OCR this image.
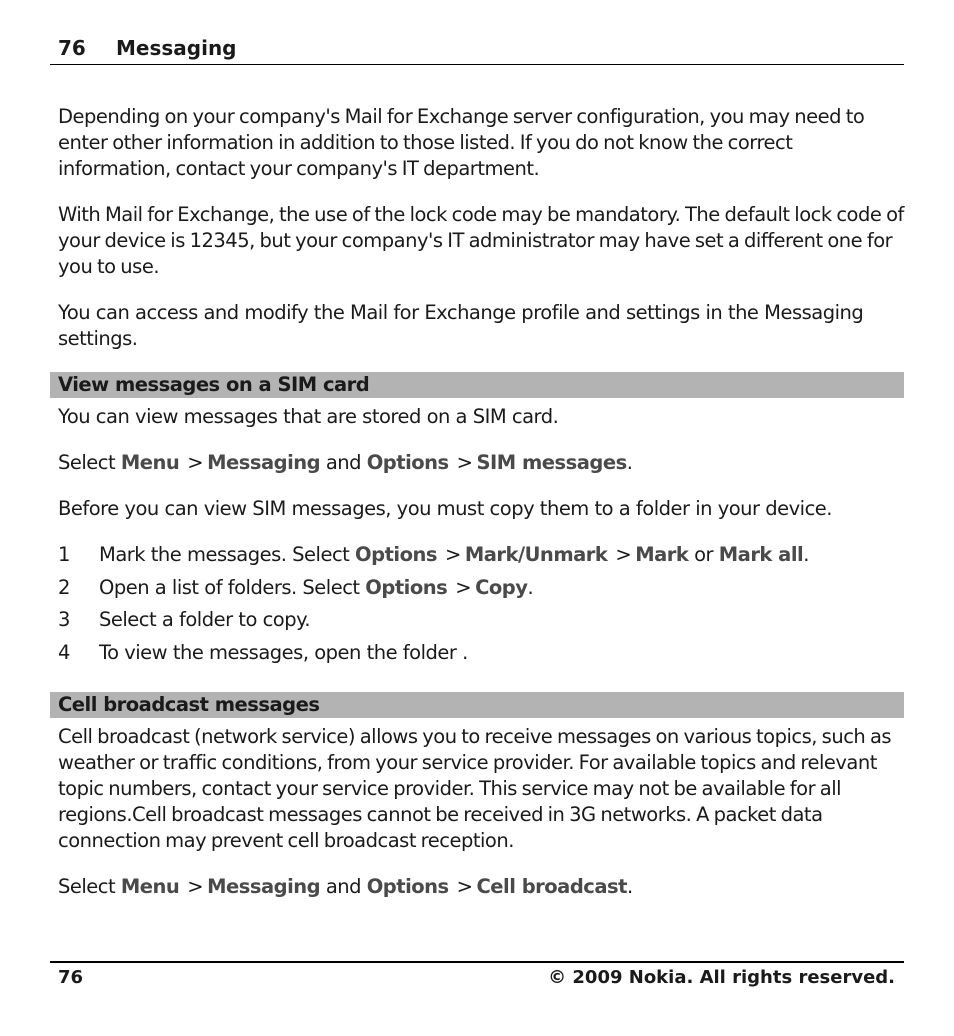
76 Messaging

Depending on your company's Mail for Exchange server configuration, you may need to enter other information in addition to those listed. If you do not know the correct information, contact your company's IT department.

With Mail for Exchange, the use of the lock code may be mandatory. The default lock code of your device is 12345, but your company's IT administrator may have set a different one for you to use.

You can access and modify the Mail for Exchange profile and settings in the Messaging settings.

View messages on a SIM card

You can view messages that are stored on a SIM card.

Select Menu > Messaging and Options > SIM messages.

Before you can view SIM messages, you must copy them to a folder in your device.

1 Mark the messages. Select Options > Mark/Unmark > Mark or Mark all.
2 Open a list of folders. Select Options > Copy.
3 Select a folder to copy.
4 To view the messages, open the folder .
Cell broadcast messages

Cell broadcast (network service) allows you to receive messages on various topics, such as weather or traffic conditions, from your service provider. For available topics and relevant topic numbers, contact your service provider. This service may not be available for all regions.Cell broadcast messages cannot be received in 3G networks. A packet data connection may prevent cell broadcast reception.

Select Menu > Messaging and Options > Cell broadcast.

76	© 2009 Nokia. All rights reserved.
